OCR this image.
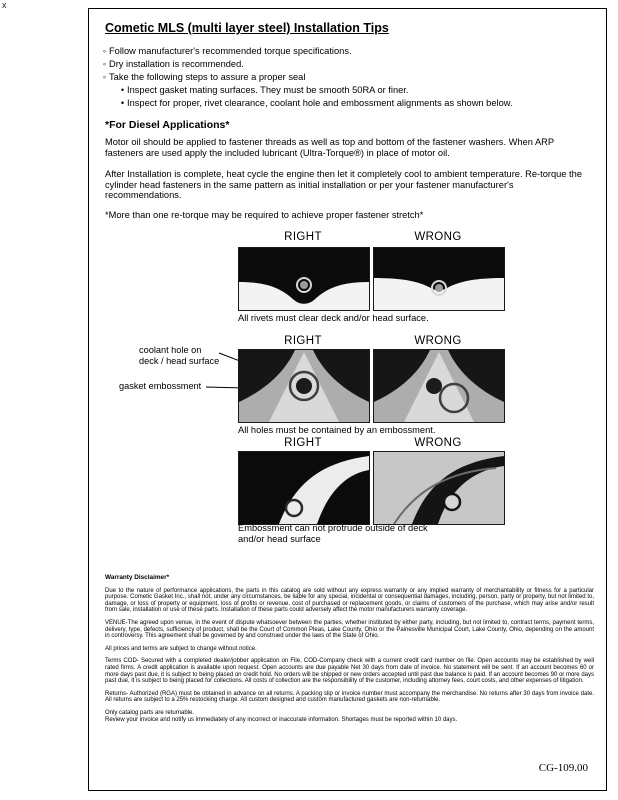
x
Cometic MLS (multi layer steel) Installation Tips
◦ Follow manufacturer's recommended torque specifications.
◦ Dry installation is recommended.
◦ Take the following steps to assure a proper seal
• Inspect gasket mating surfaces. They must be smooth 50RA or finer.
• Inspect for proper, rivet clearance, coolant hole and embossment alignments as shown below.
*For Diesel Applications*
Motor oil should be applied to fastener threads as well as top and bottom of the fastener washers. When ARP fasteners are used apply the included lubricant (Ultra-Torque®) in place of motor oil.
After Installation is complete, heat cycle the engine then let it completely cool to ambient temperature. Re-torque the cylinder head fasteners in the same pattern as initial installation or per your fastener manufacturer's recommendations.
*More than one re-torque may be required to achieve proper fastener stretch*
RIGHT	WRONG
All rivets must clear deck and/or head surface.
RIGHT	WRONG
coolant hole on
deck / head surface
gasket embossment
All holes must be contained by an embossment.
RIGHT	WRONG
Embossment can not protrude outside of deck
and/or head surface

Warranty Disclaimer*

Due to the nature of performance applications, the parts in this catalog are sold without any express warranty or any implied warranty of merchantability or fitness for a particular purpose. Cometic Gasket Inc., shall not, under any circumstances, be liable for any special, incidental or consequential damages, including, person, party or property, but not limited to, damage, or loss of property or equipment, loss of profits or revenue, cost of purchased or replacement goods, or claims of customers of the purchase, which may arise and/or result from sale, installation or use of these parts. Installation of these parts could adversely affect the motor manufacturers warranty coverage.

VENUE-The agreed upon venue, in the event of dispute whatsoever between the parties, whether instituted by either party, including, but not limited to, contract terms, payment terms, delivery, type, defects, sufficiency of product, shall be the Court of Common Pleas, Lake County, Ohio or the Painesville Municipal Court, Lake County, Ohio, depending on the amount in controversy. This agreement shall be governed by and construed under the laws of the State of Ohio.

All prices and terms are subject to change without notice.

Terms COD- Secured with a completed dealer/jobber application on File, COD-Company check with a current credit card number on file. Open accounts may be established by well rated firms. A credit application is available upon request. Open accounts are due payable Net 30 days from date of invoice. No statement will be sent. If an account becomes 60 or more days past due, it is subject to being placed on credit hold. No orders will be shipped or new orders accepted until past due balance is paid. If an account becomes 90 or more days past due, it is subject to being placed for collections. All costs of collection are the responsibility of the customer, including attorney fees, court costs, and other expenses of litigation.

Returns- Authorized (RGA) must be obtained in advance on all returns. A packing slip or invoice number must accompany the merchandise. No returns after 30 days from invoice date. All returns are subject to a 25% restocking charge. All custom designed and custom manufactured gaskets are non-returnable.

Only catalog parts are returnable.

Review your invoice and notify us immediately of any incorrect or inaccurate information. Shortages must be reported within 10 days.

CG-109.00
